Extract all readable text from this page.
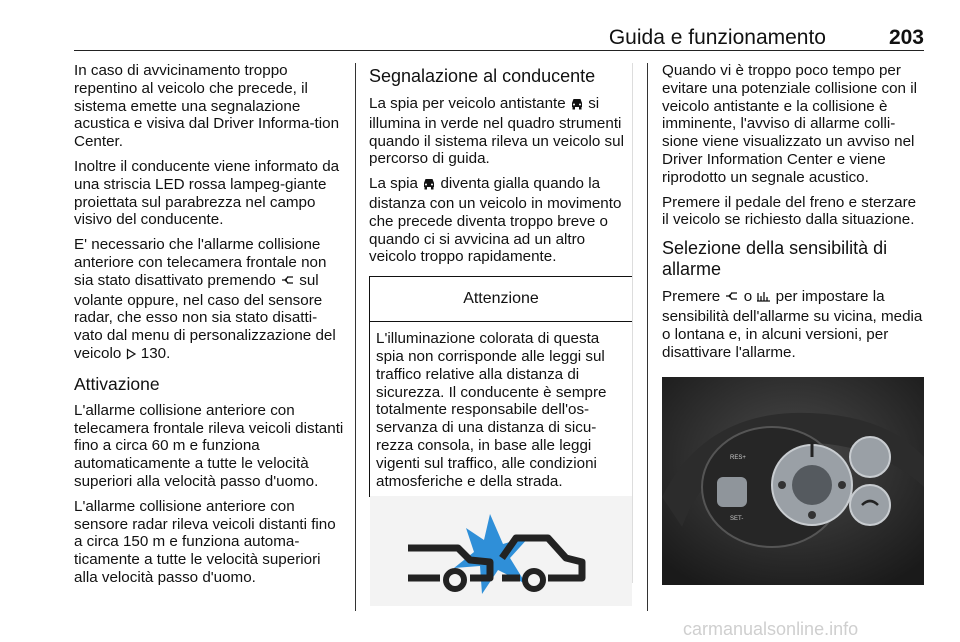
Guida e funzionamento	203

In caso di avvicinamento troppo repentino al veicolo che precede, il sistema emette una segnalazione acustica e visiva dal Driver Informa-tion Center.

Inoltre il conducente viene informato da una striscia LED rossa lampeg-giante proiettata sul parabrezza nel campo visivo del conducente.

E' necessario che l'allarme collisione anteriore con telecamera frontale non sia stato disattivato premendo sul volante oppure, nel caso del sensore radar, che esso non sia stato disatti-vato dal menu di personalizzazione del veicolo 130.

Attivazione

L'allarme collisione anteriore con telecamera frontale rileva veicoli distanti fino a circa 60 m e funziona automaticamente a tutte le velocità superiori alla velocità passo d'uomo.

L'allarme collisione anteriore con sensore radar rileva veicoli distanti fino a circa 150 m e funziona automa-ticamente a tutte le velocità superiori alla velocità passo d'uomo.

Segnalazione al conducente

La spia per veicolo antistante si illumina in verde nel quadro strumenti quando il sistema rileva un veicolo sul percorso di guida.

La spia diventa gialla quando la distanza con un veicolo in movimento che precede diventa troppo breve o quando ci si avvicina ad un altro veicolo troppo rapidamente.

Attenzione
L'illuminazione colorata di questa spia non corrisponde alle leggi sul traffico relative alla distanza di sicurezza. Il conducente è sempre totalmente responsabile dell'os-servanza di una distanza di sicu-rezza consola, in base alle leggi vigenti sul traffico, alle condizioni atmosferiche e della strada.

Quando vi è troppo poco tempo per evitare una potenziale collisione con il veicolo antistante e la collisione è imminente, l'avviso di allarme colli-sione viene visualizzato un avviso nel Driver Information Center e viene riprodotto un segnale acustico.

Premere il pedale del freno e sterzare il veicolo se richiesto dalla situazione.

Selezione della sensibilità di allarme

Premere o per impostare la sensibilità dell'allarme su vicina, media o lontana e, in alcuni versioni, per disattivare l'allarme.

RES+
SET-
carmanualsonline.info
